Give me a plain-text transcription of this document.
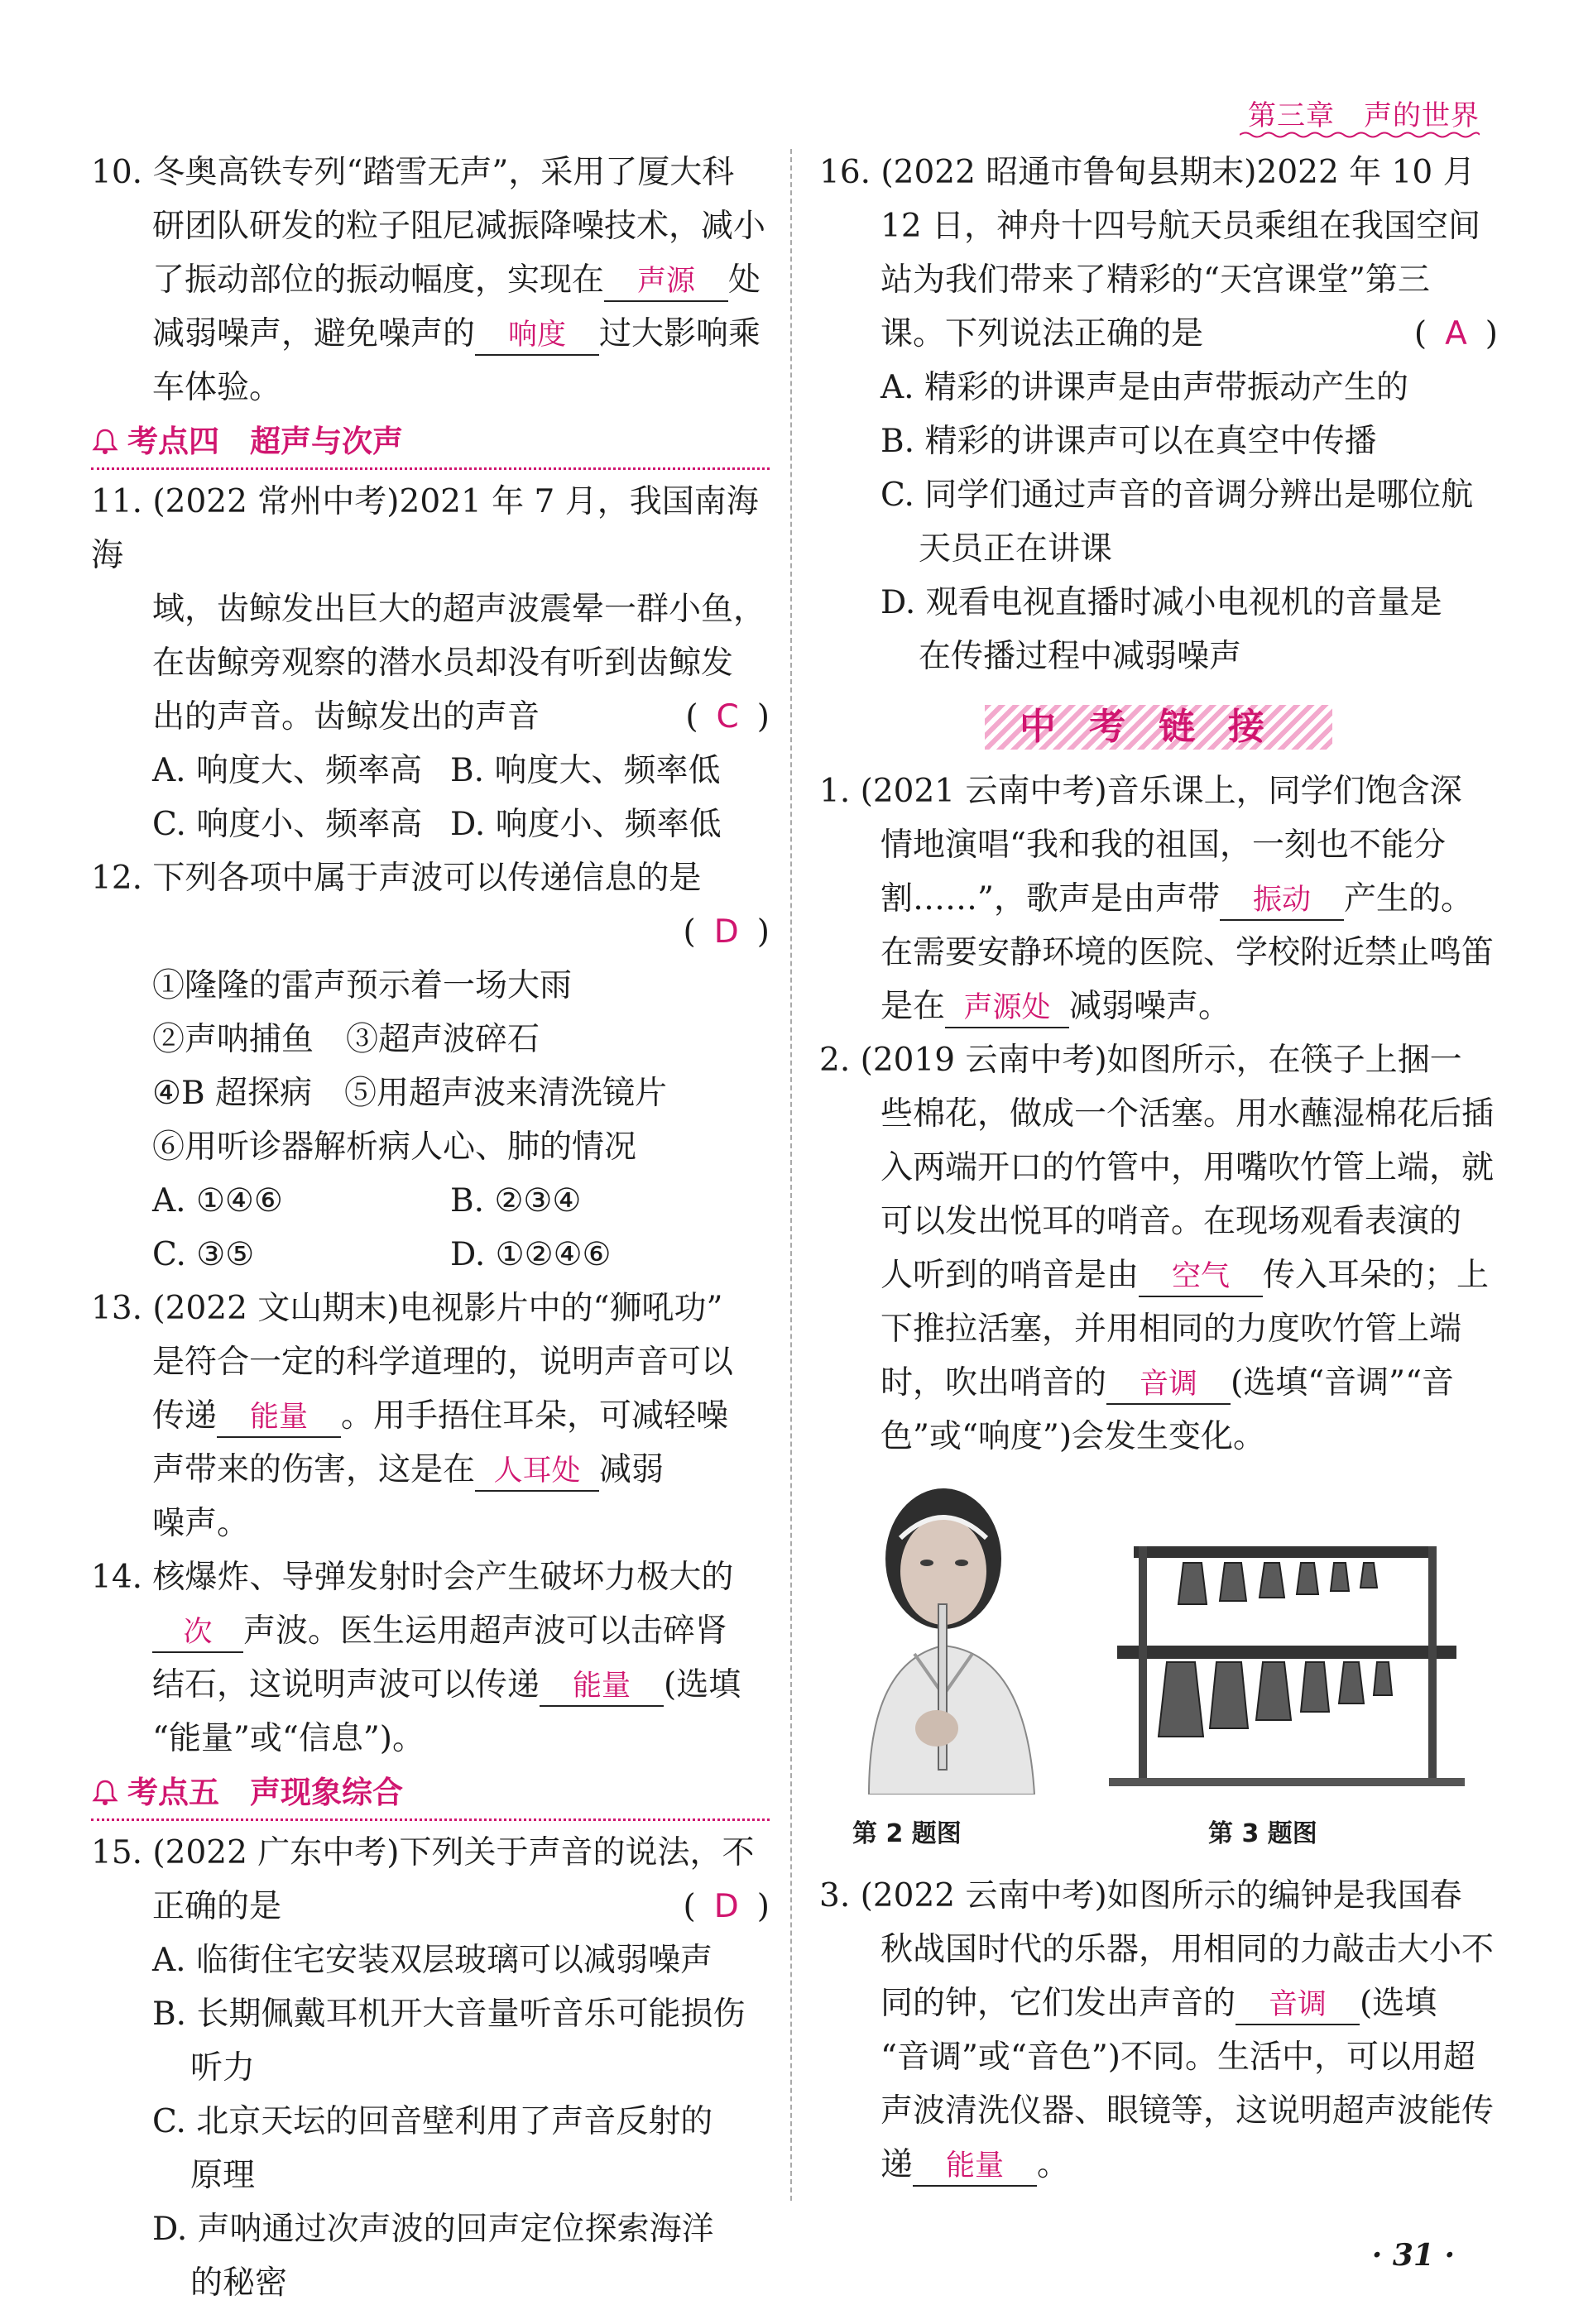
第三章　声的世界

10. 冬奥高铁专列“踏雪无声”，采用了厦大科

研团队研发的粒子阻尼减振降噪技术，减小

了振动部位的振动幅度，实现在 声源 处

减弱噪声，避免噪声的 响度 过大影响乘

车体验。

考点四　超声与次声

11. (2022 常州中考)2021 年 7 月，我国南海海

域，齿鲸发出巨大的超声波震晕一群小鱼，

在齿鲸旁观察的潜水员却没有听到齿鲸发

出的声音。齿鲸发出的声音	( C )

A. 响度大、频率高 B. 响度大、频率低

C. 响度小、频率高 D. 响度小、频率低

12. 下列各项中属于声波可以传递信息的是

( D )

①隆隆的雷声预示着一场大雨

②声呐捕鱼　③超声波碎石

④B 超探病　⑤用超声波来清洗镜片

⑥用听诊器解析病人心、肺的情况

A. ①④⑥	B. ②③④

C. ③⑤	D. ①②④⑥

13. (2022 文山期末)电视影片中的“狮吼功”

是符合一定的科学道理的，说明声音可以

传递 能量 。用手捂住耳朵，可减轻噪

声带来的伤害，这是在 人耳处 减弱

噪声。

14. 核爆炸、导弹发射时会产生破坏力极大的

次 声波。医生运用超声波可以击碎肾

结石，这说明声波可以传递 能量 (选填

“能量”或“信息”)。

考点五　声现象综合

15. (2022 广东中考)下列关于声音的说法，不

正确的是	( D )

A. 临街住宅安装双层玻璃可以减弱噪声

B. 长期佩戴耳机开大音量听音乐可能损伤

听力

C. 北京天坛的回音壁利用了声音反射的

原理

D. 声呐通过次声波的回声定位探索海洋

的秘密

16. (2022 昭通市鲁甸县期末)2022 年 10 月

12 日，神舟十四号航天员乘组在我国空间

站为我们带来了精彩的“天宫课堂”第三

课。下列说法正确的是	( A )

A. 精彩的讲课声是由声带振动产生的

B. 精彩的讲课声可以在真空中传播

C. 同学们通过声音的音调分辨出是哪位航

天员正在讲课

D. 观看电视直播时减小电视机的音量是

在传播过程中减弱噪声

中考链接

1. (2021 云南中考)音乐课上，同学们饱含深

情地演唱“我和我的祖国，一刻也不能分

割……”，歌声是由声带 振动 产生的。

在需要安静环境的医院、学校附近禁止鸣笛

是在 声源处 减弱噪声。

2. (2019 云南中考)如图所示，在筷子上捆一

些棉花，做成一个活塞。用水蘸湿棉花后插

入两端开口的竹管中，用嘴吹竹管上端，就

可以发出悦耳的哨音。在现场观看表演的

人听到的哨音是由 空气 传入耳朵的；上

下推拉活塞，并用相同的力度吹竹管上端

时，吹出哨音的 音调 (选填“音调”“音

色”或“响度”)会发生变化。

第 2 题图	第 3 题图

3. (2022 云南中考)如图所示的编钟是我国春

秋战国时代的乐器，用相同的力敲击大小不

同的钟，它们发出声音的 音调 (选填

“音调”或“音色”)不同。生活中，可以用超

声波清洗仪器、眼镜等，这说明超声波能传

递 能量 。

· 31 ·
